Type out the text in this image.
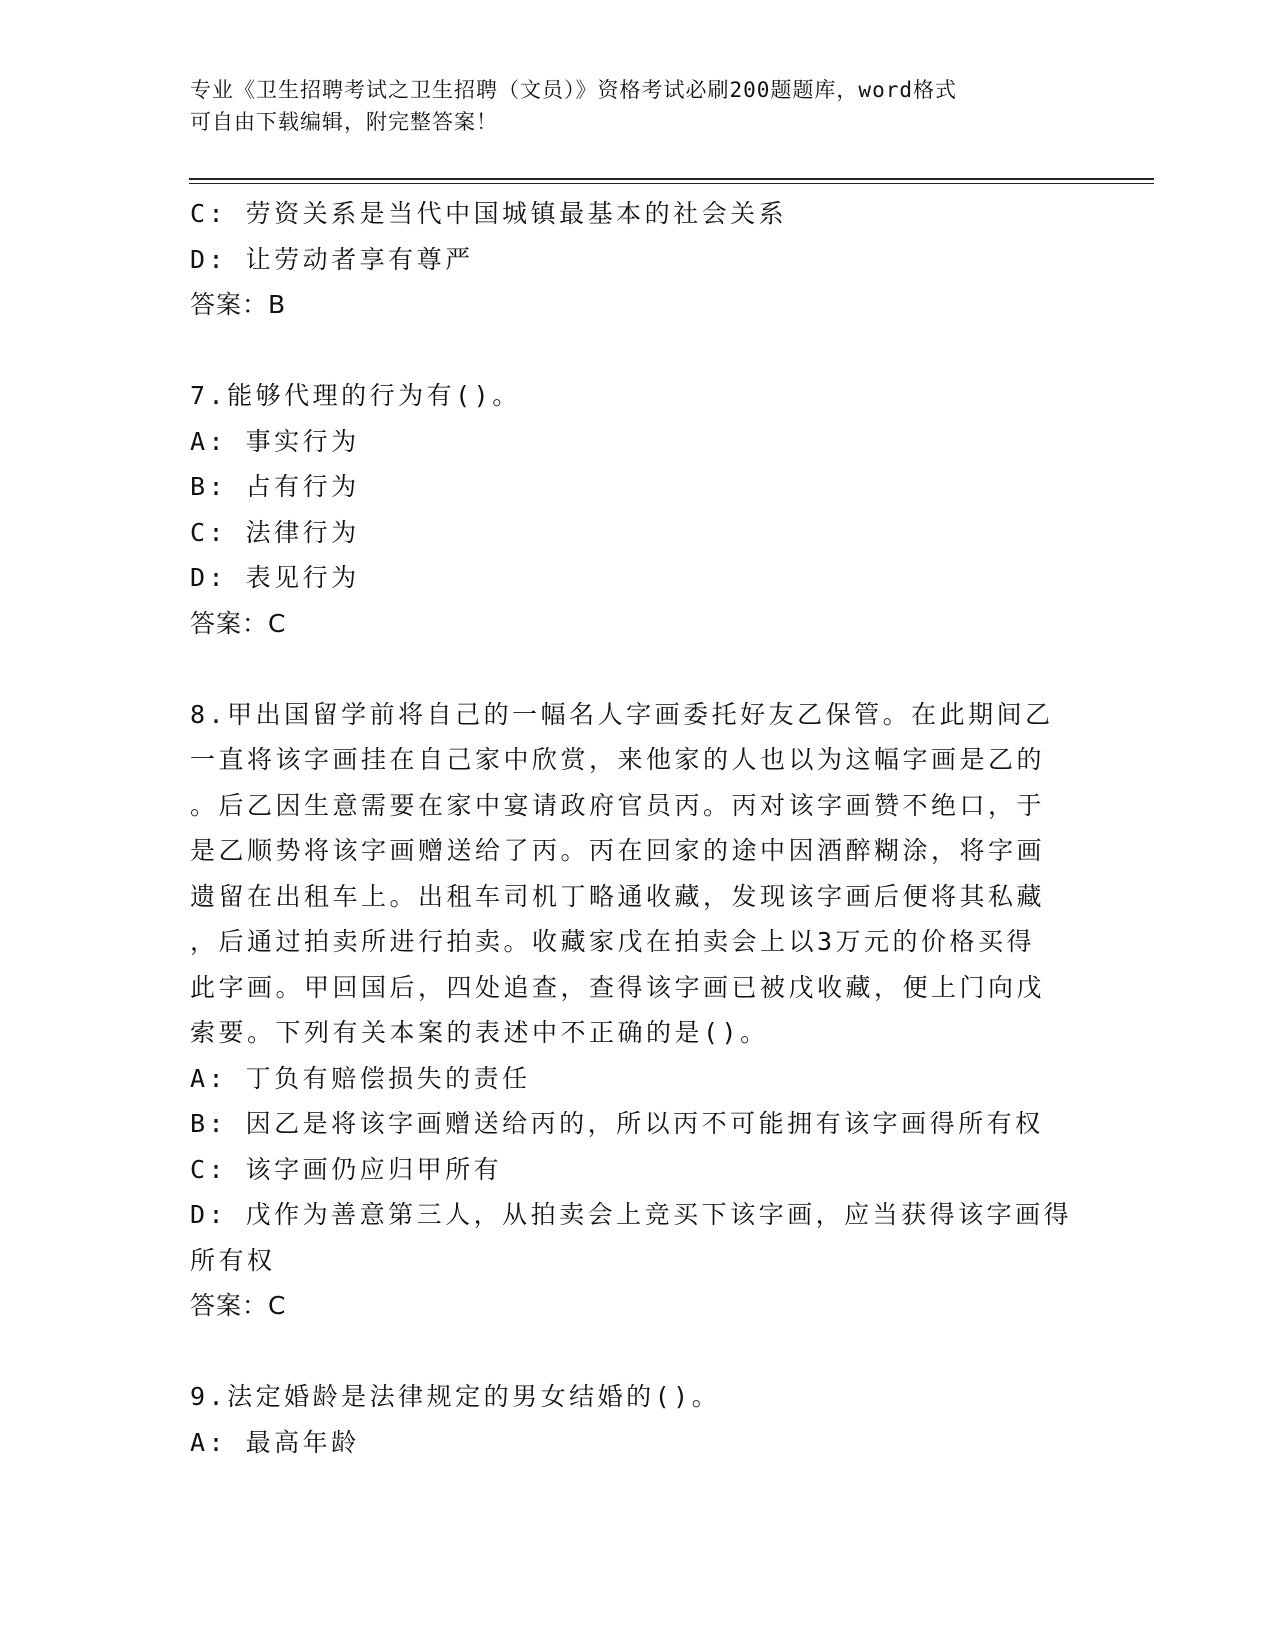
专业《卫生招聘考试之卫生招聘（文员）》资格考试必刷200题题库，word格式
可自由下载编辑，附完整答案！
C: 劳资关系是当代中国城镇最基本的社会关系
D: 让劳动者享有尊严
答案：B
7.能够代理的行为有()。
A: 事实行为
B: 占有行为
C: 法律行为
D: 表见行为
答案：C
8.甲出国留学前将自己的一幅名人字画委托好友乙保管。在此期间乙
一直将该字画挂在自己家中欣赏，来他家的人也以为这幅字画是乙的
。后乙因生意需要在家中宴请政府官员丙。丙对该字画赞不绝口，于
是乙顺势将该字画赠送给了丙。丙在回家的途中因酒醉糊涂，将字画
遗留在出租车上。出租车司机丁略通收藏，发现该字画后便将其私藏
，后通过拍卖所进行拍卖。收藏家戊在拍卖会上以3万元的价格买得
此字画。甲回国后，四处追查，查得该字画已被戊收藏，便上门向戊
索要。下列有关本案的表述中不正确的是()。
A: 丁负有赔偿损失的责任
B: 因乙是将该字画赠送给丙的，所以丙不可能拥有该字画得所有权
C: 该字画仍应归甲所有
D: 戊作为善意第三人，从拍卖会上竞买下该字画，应当获得该字画得
所有权
答案：C
9.法定婚龄是法律规定的男女结婚的()。
A: 最高年龄
